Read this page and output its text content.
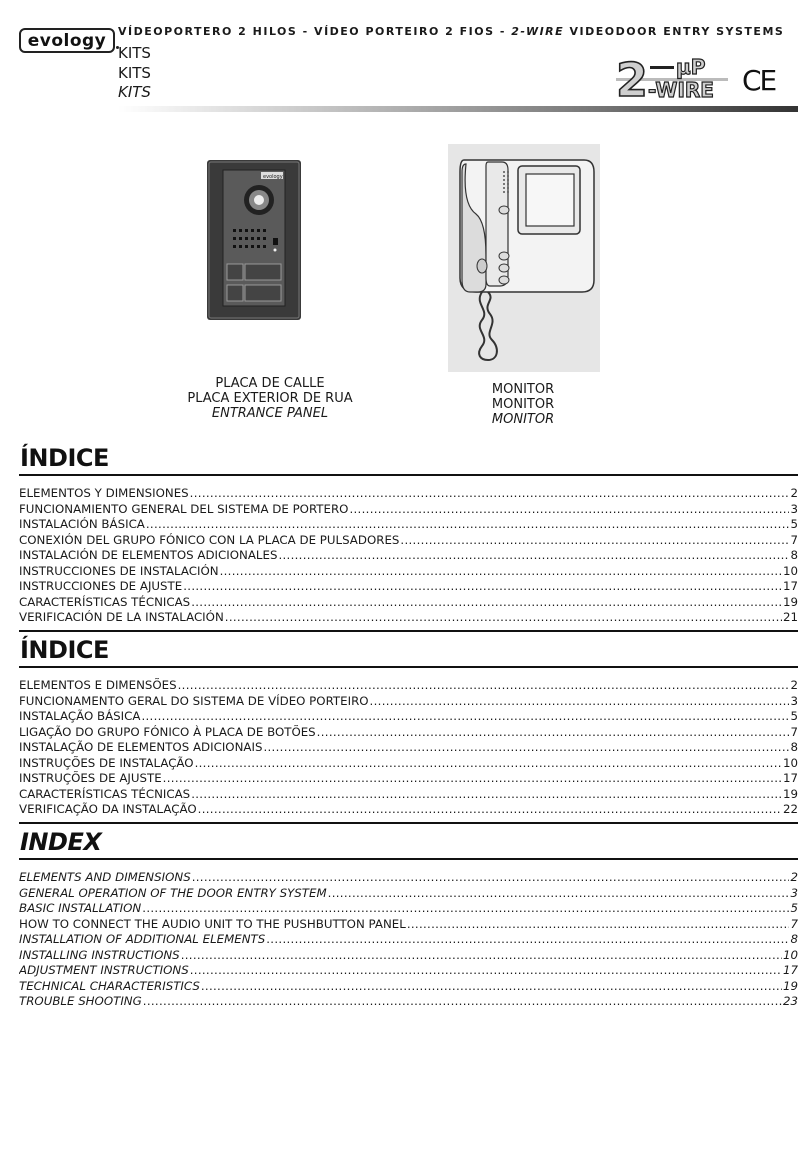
evology VÍDEOPORTERO 2 HILOS - VÍDEO PORTEIRO 2 FIOS - 2-WIRE VIDEODOOR ENTRY SYSTEMS
KITS
KITS
KITS	2 µP
-WIRE CE
evology
PLACA DE CALLE
PLACA EXTERIOR DE RUA
ENTRANCE PANEL
MONITOR
MONITOR
MONITOR
ÍNDICE
ELEMENTOS Y DIMENSIONES .....	2
FUNCIONAMIENTO GENERAL DEL SISTEMA DE PORTERO .....	3
INSTALACIÓN BÁSICA .....	5
CONEXIÓN DEL GRUPO FÓNICO CON LA PLACA DE PULSADORES .....	7
INSTALACIÓN DE ELEMENTOS ADICIONALES .....	8
INSTRUCCIONES DE INSTALACIÓN .....	10
INSTRUCCIONES DE AJUSTE .....	17
CARACTERÍSTICAS TÉCNICAS .....	19
VERIFICACIÓN DE LA INSTALACIÓN .....	21
ÍNDICE
ELEMENTOS E DIMENSÕES .....	2
FUNCIONAMENTO GERAL DO SISTEMA DE VÍDEO PORTEIRO .....	3
INSTALAÇÃO BÁSICA .....	5
LIGAÇÃO DO GRUPO FÓNICO À PLACA DE BOTÕES .....	7
INSTALAÇÃO DE ELEMENTOS ADICIONAIS .....	8
INSTRUÇÕES DE INSTALAÇÃO .....	10
INSTRUÇÕES DE AJUSTE .....	17
CARACTERÍSTICAS TÉCNICAS .....	19
VERIFICAÇÃO DA INSTALAÇÃO .....	22
INDEX
ELEMENTS AND DIMENSIONS .....	2
GENERAL OPERATION OF THE DOOR ENTRY SYSTEM .....	3
BASIC INSTALLATION .....	5
HOW TO CONNECT THE AUDIO UNIT TO THE PUSHBUTTON PANEL .....	7
INSTALLATION OF ADDITIONAL ELEMENTS .....	8
INSTALLING INSTRUCTIONS .....	10
ADJUSTMENT INSTRUCTIONS .....	17
TECHNICAL CHARACTERISTICS .....	19
TROUBLE SHOOTING .....	23
